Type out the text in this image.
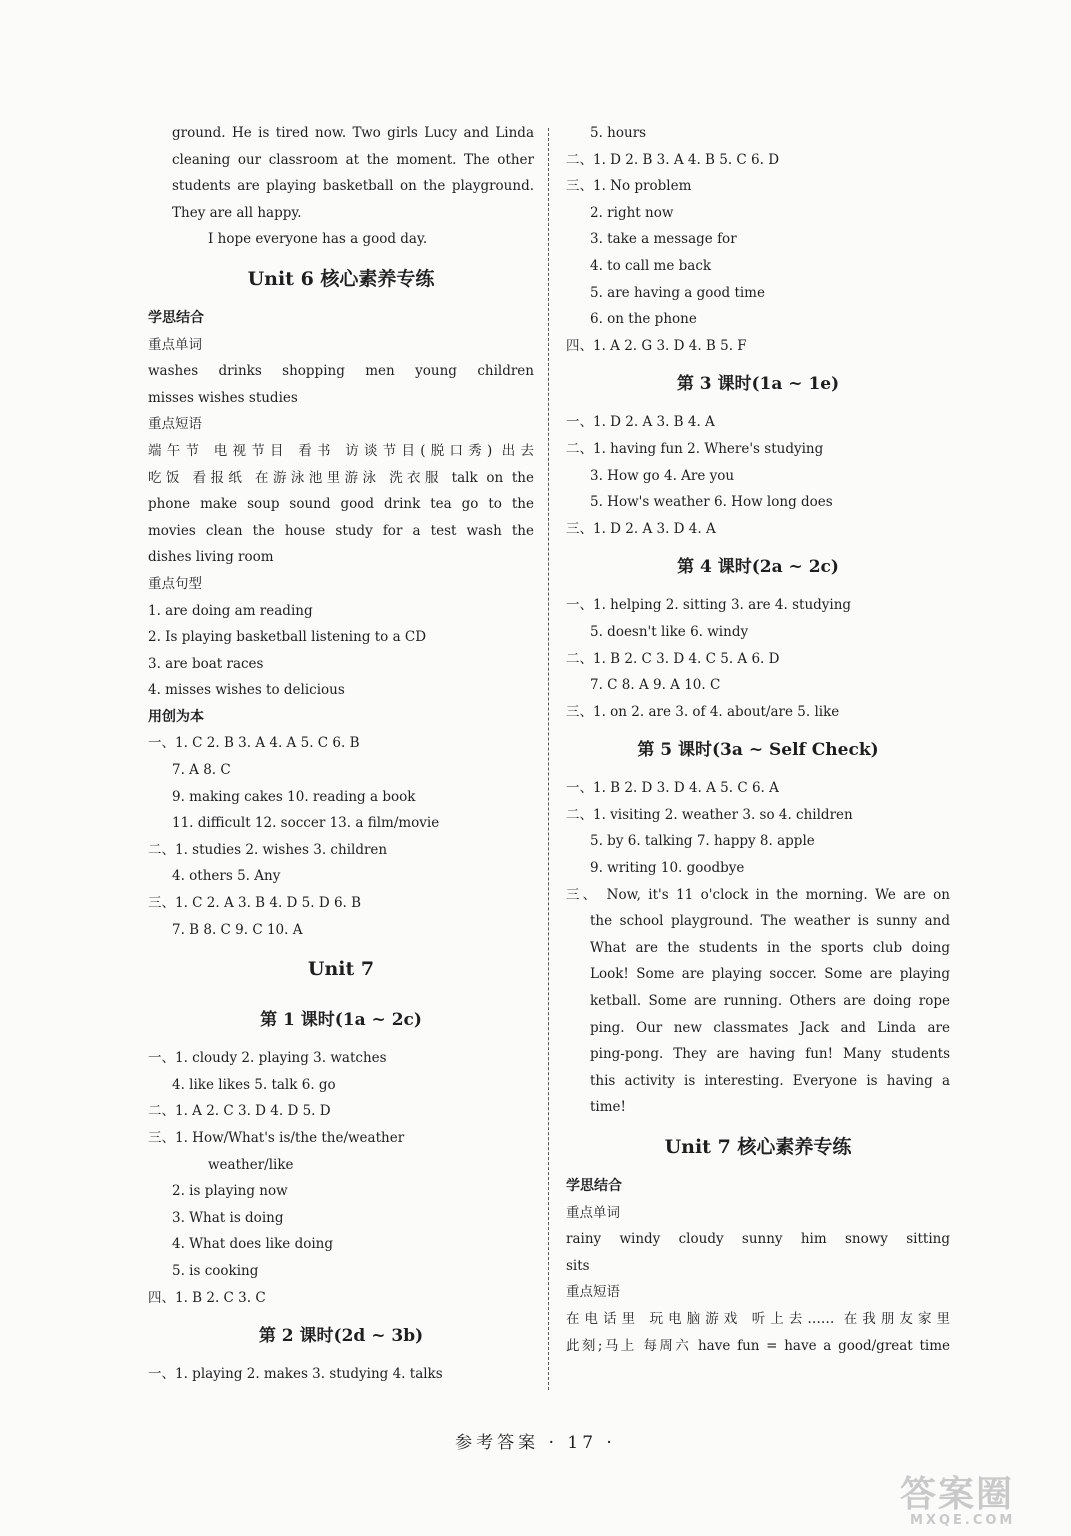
ground. He is tired now. Two girls Lucy and Linda
cleaning our classroom at the moment. The other
students are playing basketball on the playground.
They are all happy.
I hope everyone has a good day.
Unit 6 核心素养专练
学思结合
重点单词
washes drinks shopping men young children
misses wishes studies
重点短语
端午节 电视节目 看书 访谈节目(脱口秀) 出去
吃饭 看报纸 在游泳池里游泳 洗衣服 talk on the
phone make soup sound good drink tea go to the
movies clean the house study for a test wash the
dishes living room
重点句型
1. are doing am reading
2. Is playing basketball listening to a CD
3. are boat races
4. misses wishes to delicious
用创为本
一、1. C 2. B 3. A 4. A 5. C 6. B
7. A 8. C
9. making cakes 10. reading a book
11. difficult 12. soccer 13. a film/movie
二、1. studies 2. wishes 3. children
4. others 5. Any
三、1. C 2. A 3. B 4. D 5. D 6. B
7. B 8. C 9. C 10. A
Unit 7
第 1 课时(1a ~ 2c)
一、1. cloudy 2. playing 3. watches
4. like likes 5. talk 6. go
二、1. A 2. C 3. D 4. D 5. D
三、1. How/What's is/the the/weather
weather/like
2. is playing now
3. What is doing
4. What does like doing
5. is cooking
四、1. B 2. C 3. C
第 2 课时(2d ~ 3b)
一、1. playing 2. makes 3. studying 4. talks
5. hours
二、1. D 2. B 3. A 4. B 5. C 6. D
三、1. No problem
2. right now
3. take a message for
4. to call me back
5. are having a good time
6. on the phone
四、1. A 2. G 3. D 4. B 5. F
第 3 课时(1a ~ 1e)
一、1. D 2. A 3. B 4. A
二、1. having fun 2. Where's studying
3. How go 4. Are you
5. How's weather 6. How long does
三、1. D 2. A 3. D 4. A
第 4 课时(2a ~ 2c)
一、1. helping 2. sitting 3. are 4. studying
5. doesn't like 6. windy
二、1. B 2. C 3. D 4. C 5. A 6. D
7. C 8. A 9. A 10. C
三、1. on 2. are 3. of 4. about/are 5. like
第 5 课时(3a ~ Self Check)
一、1. B 2. D 3. D 4. A 5. C 6. A
二、1. visiting 2. weather 3. so 4. children
5. by 6. talking 7. happy 8. apple
9. writing 10. goodbye
三、 Now, it's 11 o'clock in the morning. We are on
the school playground. The weather is sunny and
What are the students in the sports club doing
Look! Some are playing soccer. Some are playing
ketball. Some are running. Others are doing rope
ping. Our new classmates Jack and Linda are
ping-pong. They are having fun! Many students
this activity is interesting. Everyone is having a
time!
Unit 7 核心素养专练
学思结合
重点单词
rainy windy cloudy sunny him snowy sitting
sits
重点短语
在电话里 玩电脑游戏 听上去…… 在我朋友家里
此刻;马上 每周六 have fun = have a good/great time
参考答案 · 17 ·
答案圈
MXQE.COM
